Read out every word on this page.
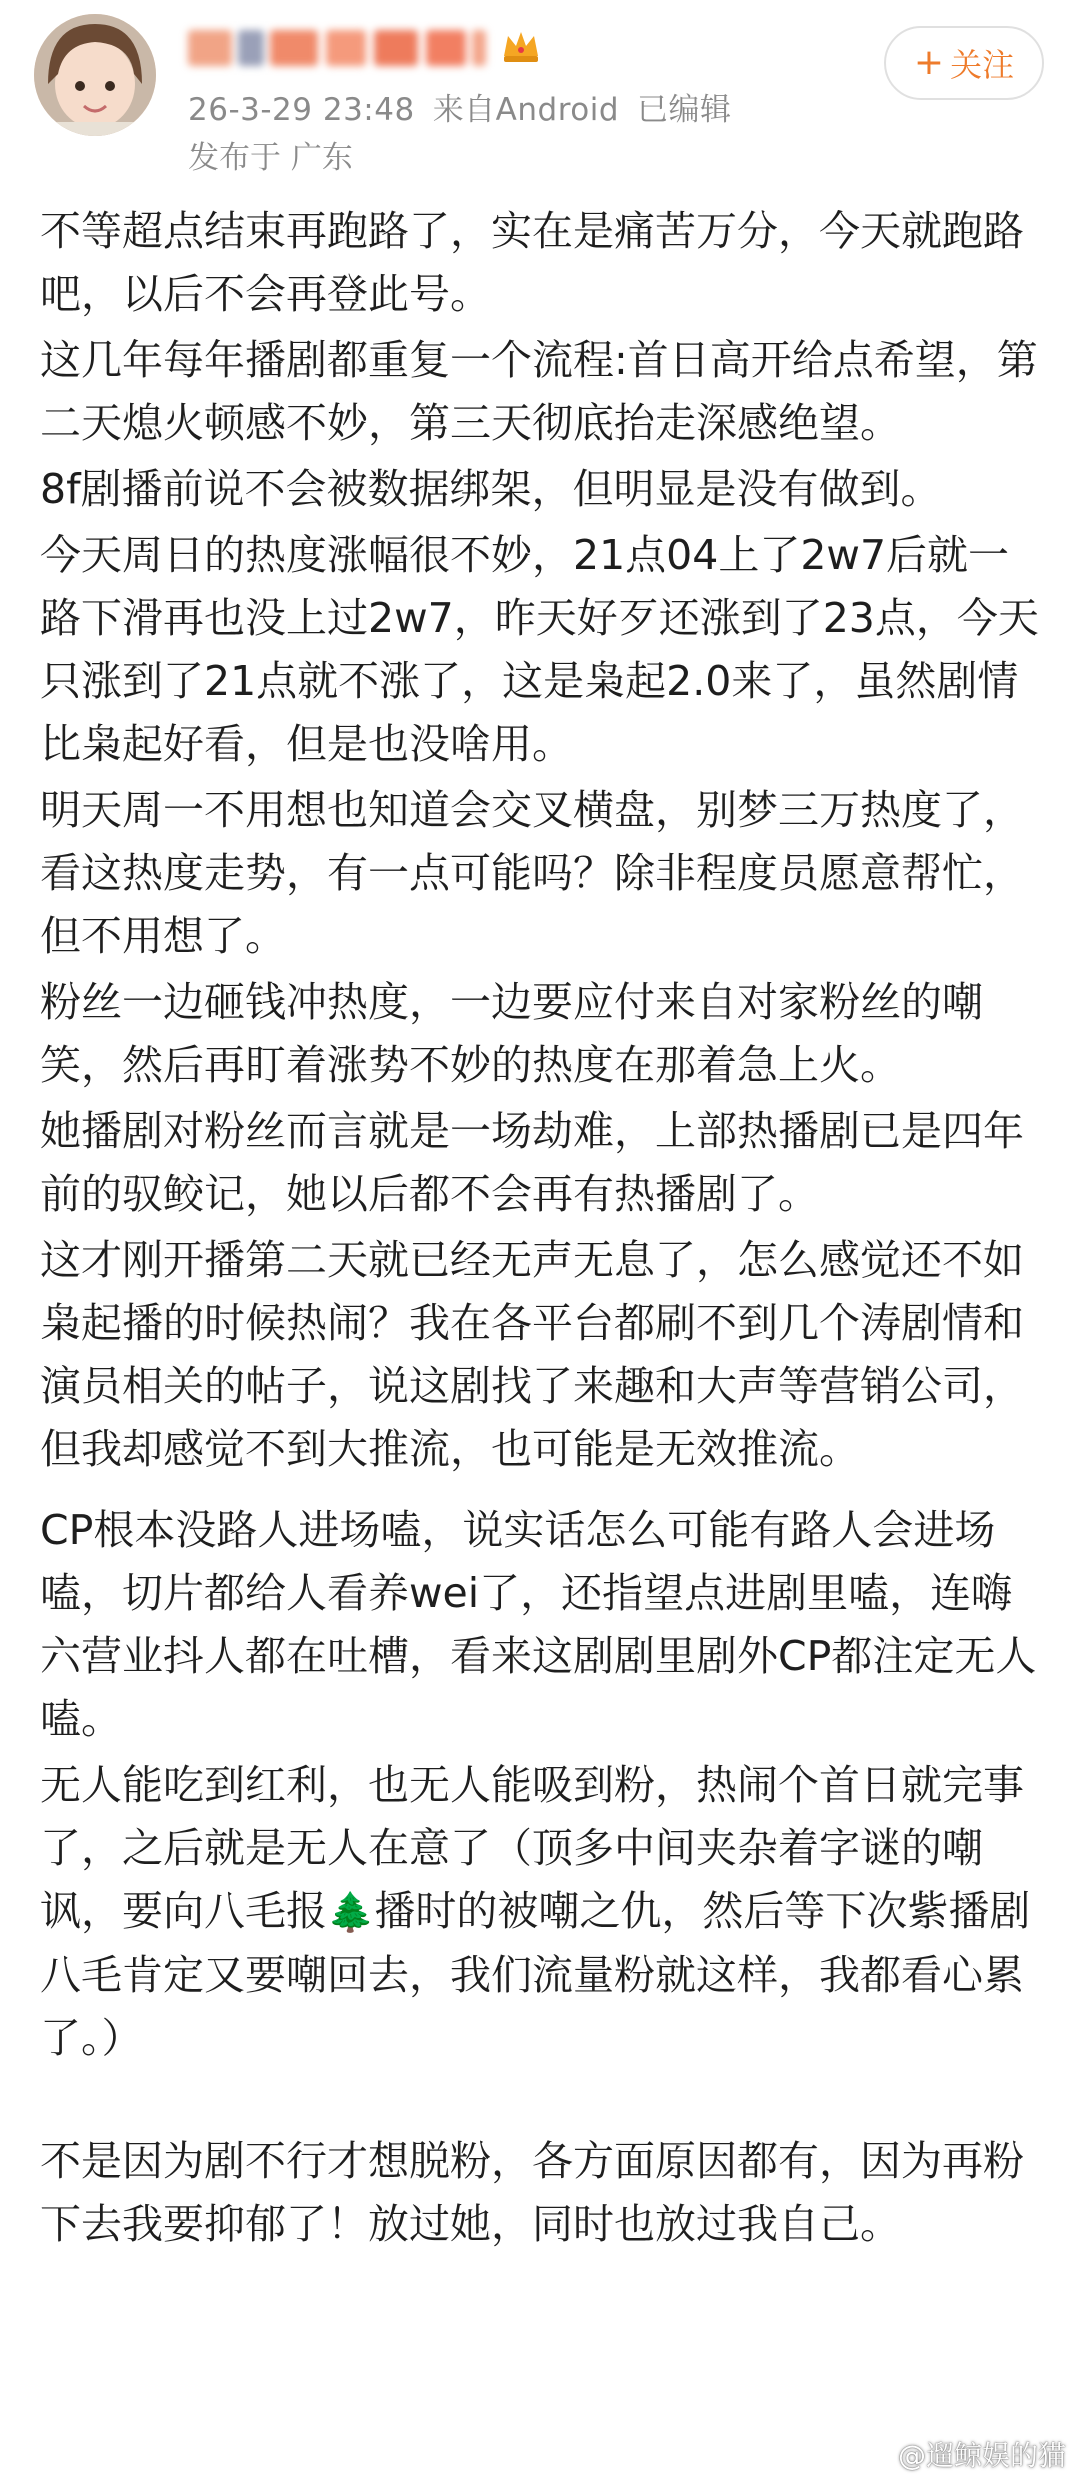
26-3-29 23:48 来自Android 已编辑
发布于 广东
+ 关注

不等超点结束再跑路了，实在是痛苦万分，今天就跑路吧，以后不会再登此号。

这几年每年播剧都重复一个流程:首日高开给点希望，第二天熄火顿感不妙，第三天彻底抬走深感绝望。

8f剧播前说不会被数据绑架，但明显是没有做到。

今天周日的热度涨幅很不妙，21点04上了2w7后就一路下滑再也没上过2w7，昨天好歹还涨到了23点，今天只涨到了21点就不涨了，这是枭起2.0来了，虽然剧情比枭起好看，但是也没啥用。

明天周一不用想也知道会交叉横盘，别梦三万热度了，看这热度走势，有一点可能吗？除非程度员愿意帮忙，但不用想了。

粉丝一边砸钱冲热度，一边要应付来自对家粉丝的嘲笑，然后再盯着涨势不妙的热度在那着急上火。

她播剧对粉丝而言就是一场劫难，上部热播剧已是四年前的驭鲛记，她以后都不会再有热播剧了。

这才刚开播第二天就已经无声无息了，怎么感觉还不如枭起播的时候热闹？我在各平台都刷不到几个涛剧情和演员相关的帖子，说这剧找了来趣和大声等营销公司，但我却感觉不到大推流，也可能是无效推流。

CP根本没路人进场嗑，说实话怎么可能有路人会进场嗑，切片都给人看养wei了，还指望点进剧里嗑，连嗨六营业抖人都在吐槽，看来这剧剧里剧外CP都注定无人嗑。

无人能吃到红利，也无人能吸到粉，热闹个首日就完事了，之后就是无人在意了（顶多中间夹杂着字谜的嘲讽，要向八毛报🌲播时的被嘲之仇，然后等下次紫播剧八毛肯定又要嘲回去，我们流量粉就这样，我都看心累了。）

不是因为剧不行才想脱粉，各方面原因都有，因为再粉下去我要抑郁了！放过她，同时也放过我自己。

@遛鲸娱的猫
